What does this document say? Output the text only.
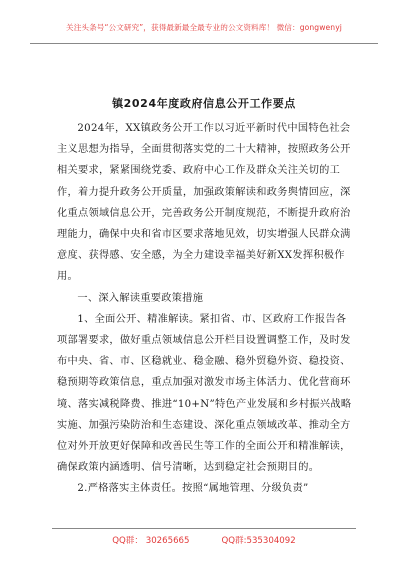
关注头条号“公文研究”，获得最新最全最专业的公文资料库！ 微信：gongwenyj
镇2024年度政府信息公开工作要点

2024年，XX镇政务公开工作以习近平新时代中国特色社会主义思想为指导，全面贯彻落实党的二十大精神，按照政务公开相关要求，紧紧围绕党委、政府中心工作及群众关注关切的工作，着力提升政务公开质量，加强政策解读和政务舆情回应，深化重点领域信息公开，完善政务公开制度规范，不断提升政府治理能力，确保中央和省市区要求落地见效，切实增强人民群众满意度、获得感、安全感，为全力建设幸福美好新XX发挥积极作用。

一、深入解读重要政策措施

1、全面公开、精准解读。紧扣省、市、区政府工作报告各项部署要求，做好重点领域信息公开栏目设置调整工作，及时发布中央、省、市、区稳就业、稳金融、稳外贸稳外资、稳投资、稳预期等政策信息，重点加强对激发市场主体活力、优化营商环境、落实减税降费、推进“10+N”特色产业发展和乡村振兴战略实施、加强污染防治和生态建设、深化重点领域改革、推动全方位对外开放更好保障和改善民生等工作的全面公开和精准解读，确保政策内涵透明、信号清晰，达到稳定社会预期目的。

2.严格落实主体责任。按照“属地管理、分级负责”

QQ群： 30265665	QQ群:535304092
